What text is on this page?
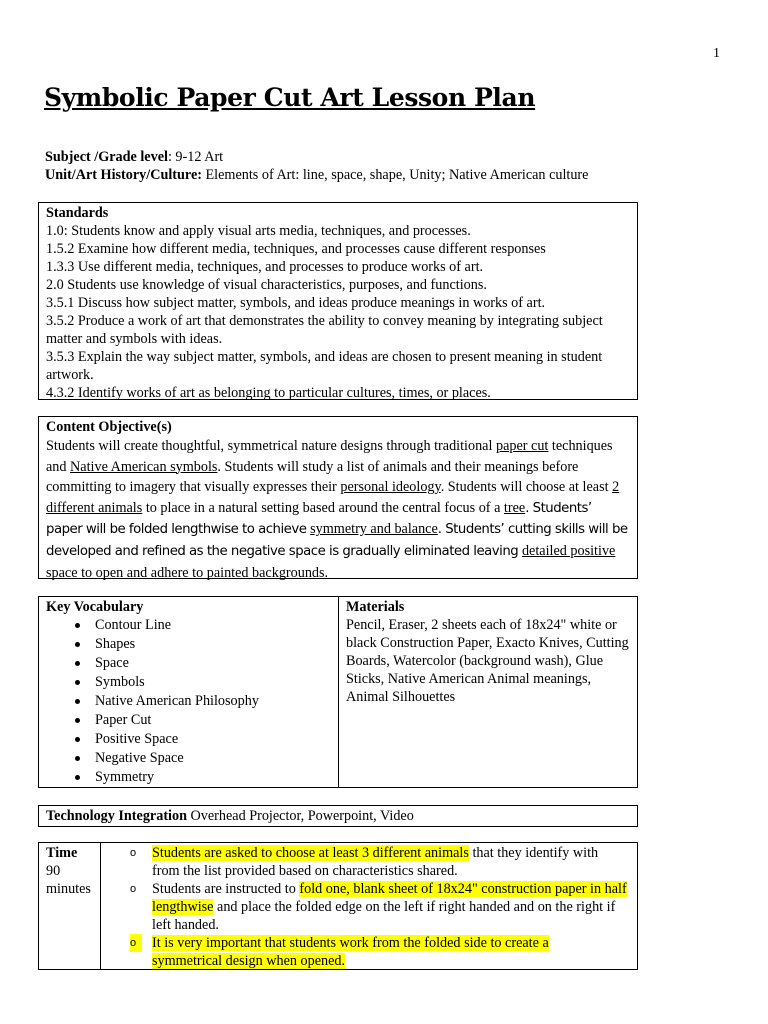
1
Symbolic Paper Cut Art Lesson Plan
Subject /Grade level: 9-12 Art
Unit/Art History/Culture: Elements of Art: line, space, shape, Unity; Native American culture
Standards
1.0: Students know and apply visual arts media, techniques, and processes.
1.5.2 Examine how different media, techniques, and processes cause different responses
1.3.3 Use different media, techniques, and processes to produce works of art.
2.0 Students use knowledge of visual characteristics, purposes, and functions.
3.5.1 Discuss how subject matter, symbols, and ideas produce meanings in works of art.
3.5.2 Produce a work of art that demonstrates the ability to convey meaning by integrating subject matter and symbols with ideas.
3.5.3 Explain the way subject matter, symbols, and ideas are chosen to present meaning in student artwork.
4.3.2 Identify works of art as belonging to particular cultures, times, or places.
Content Objective(s)
Students will create thoughtful, symmetrical nature designs through traditional paper cut techniques and Native American symbols. Students will study a list of animals and their meanings before committing to imagery that visually expresses their personal ideology. Students will choose at least 2 different animals to place in a natural setting based around the central focus of a tree. Students’ paper will be folded lengthwise to achieve symmetry and balance. Students’ cutting skills will be developed and refined as the negative space is gradually eliminated leaving detailed positive space to open and adhere to painted backgrounds.
Key Vocabulary
Contour Line
Shapes
Space
Symbols
Native American Philosophy
Paper Cut
Positive Space
Negative Space
Symmetry
Materials
Pencil, Eraser, 2 sheets each of 18x24" white or black Construction Paper, Exacto Knives, Cutting Boards, Watercolor (background wash), Glue Sticks, Native American Animal meanings, Animal Silhouettes
Technology Integration Overhead Projector, Powerpoint, Video
Time
90
minutes
o	Students are asked to choose at least 3 different animals that they identify with from the list provided based on characteristics shared.
o	Students are instructed to fold one, blank sheet of 18x24" construction paper in half lengthwise and place the folded edge on the left if right handed and on the right if left handed.
o	It is very important that students work from the folded side to create a
symmetrical design when opened.
